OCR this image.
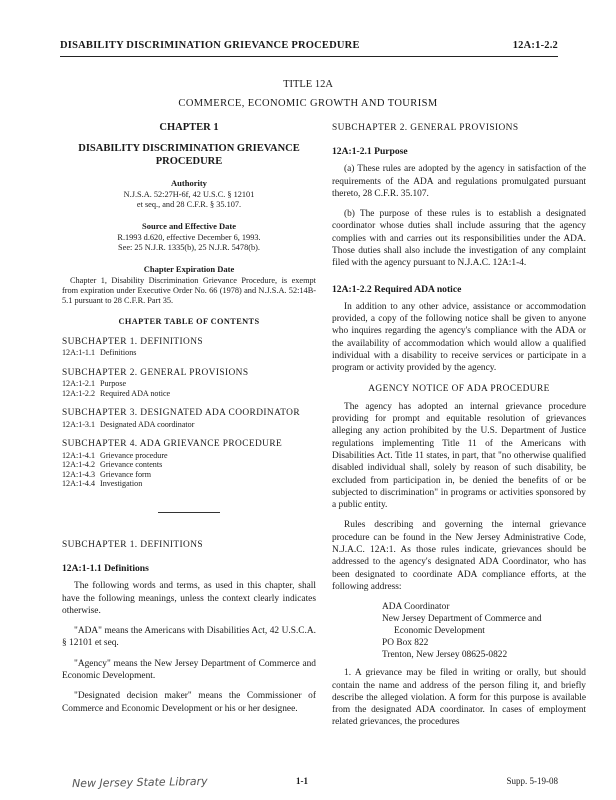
DISABILITY DISCRIMINATION GRIEVANCE PROCEDURE	12A:1-2.2
TITLE 12A
COMMERCE, ECONOMIC GROWTH AND TOURISM

CHAPTER 1

DISABILITY DISCRIMINATION GRIEVANCE
PROCEDURE

Authority

N.J.S.A. 52:27H-6f, 42 U.S.C. § 12101
et seq., and 28 C.F.R. § 35.107.

Source and Effective Date

R.1993 d.620, effective December 6, 1993.
See: 25 N.J.R. 1335(b), 25 N.J.R. 5478(b).

Chapter Expiration Date

Chapter 1, Disability Discrimination Grievance Procedure, is exempt from expiration under Executive Order No. 66 (1978) and N.J.S.A. 52:14B-5.1 pursuant to 28 C.F.R. Part 35.

CHAPTER TABLE OF CONTENTS

SUBCHAPTER 1. DEFINITIONS

12A:1-1.1 Definitions

SUBCHAPTER 2. GENERAL PROVISIONS

12A:1-2.1 Purpose
12A:1-2.2 Required ADA notice

SUBCHAPTER 3. DESIGNATED ADA COORDINATOR

12A:1-3.1 Designated ADA coordinator

SUBCHAPTER 4. ADA GRIEVANCE PROCEDURE

12A:1-4.1 Grievance procedure
12A:1-4.2 Grievance contents
12A:1-4.3 Grievance form
12A:1-4.4 Investigation

SUBCHAPTER 1. DEFINITIONS

12A:1-1.1 Definitions

The following words and terms, as used in this chapter, shall have the following meanings, unless the context clearly indicates otherwise.

"ADA" means the Americans with Disabilities Act, 42 U.S.C.A. § 12101 et seq.

"Agency" means the New Jersey Department of Commerce and Economic Development.

"Designated decision maker" means the Commissioner of Commerce and Economic Development or his or her designee.

SUBCHAPTER 2. GENERAL PROVISIONS

12A:1-2.1 Purpose

(a) These rules are adopted by the agency in satisfaction of the requirements of the ADA and regulations promulgated pursuant thereto, 28 C.F.R. 35.107.

(b) The purpose of these rules is to establish a designated coordinator whose duties shall include assuring that the agency complies with and carries out its responsibilities under the ADA. Those duties shall also include the investigation of any complaint filed with the agency pursuant to N.J.A.C. 12A:1-4.

12A:1-2.2 Required ADA notice

In addition to any other advice, assistance or accommodation provided, a copy of the following notice shall be given to anyone who inquires regarding the agency's compliance with the ADA or the availability of accommodation which would allow a qualified individual with a disability to receive services or participate in a program or activity provided by the agency.

AGENCY NOTICE OF ADA PROCEDURE

The agency has adopted an internal grievance procedure providing for prompt and equitable resolution of grievances alleging any action prohibited by the U.S. Department of Justice regulations implementing Title 11 of the Americans with Disabilities Act. Title 11 states, in part, that "no otherwise qualified disabled individual shall, solely by reason of such disability, be excluded from participation in, be denied the benefits of or be subjected to discrimination" in programs or activities sponsored by a public entity.

Rules describing and governing the internal grievance procedure can be found in the New Jersey Administrative Code, N.J.A.C. 12A:1. As those rules indicate, grievances should be addressed to the agency's designated ADA Coordinator, who has been designated to coordinate ADA compliance efforts, at the following address:

ADA Coordinator
New Jersey Department of Commerce and
Economic Development
PO Box 822
Trenton, New Jersey 08625-0822

1. A grievance may be filed in writing or orally, but should contain the name and address of the person filing it, and briefly describe the alleged violation. A form for this purpose is available from the designated ADA coordinator. In cases of employment related grievances, the procedures

New Jersey State Library	1-1	Supp. 5-19-08
